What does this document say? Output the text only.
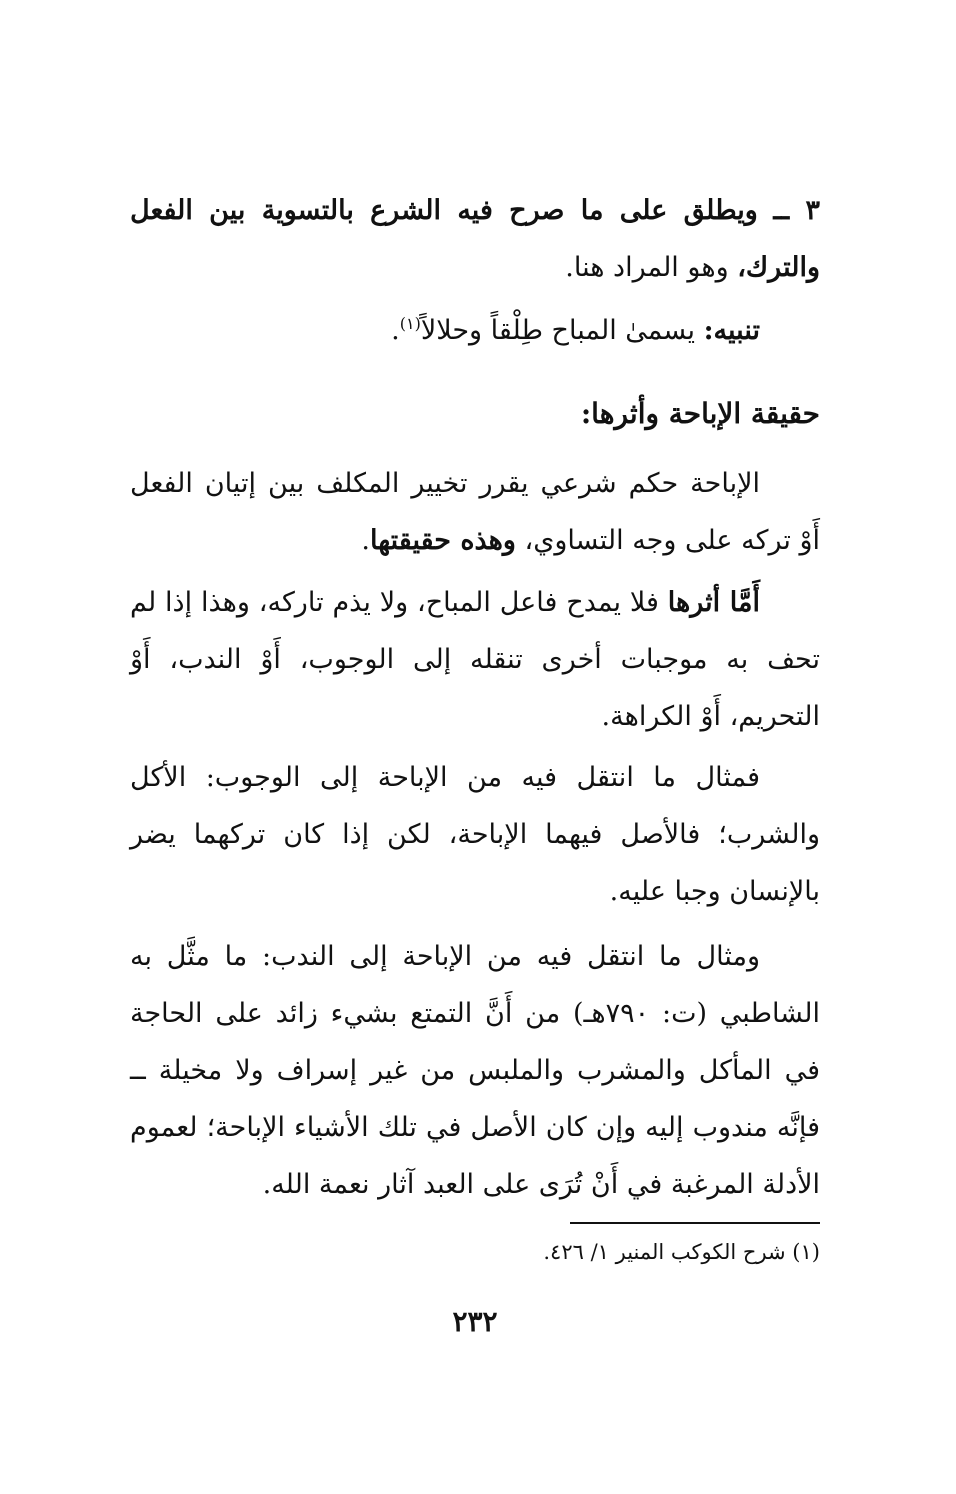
٣ ــ ويطلق على ما صرح فيه الشرع بالتسوية بين الفعل والترك، وهو المراد هنا.
تنبيه: يسمىٰ المباح طِلْقاً وحلالاً$^{(١)}$.
حقيقة الإباحة وأثرها:
الإباحة حكم شرعي يقرر تخيير المكلف بين إتيان الفعل أَوْ تركه على وجه التساوي، وهذه حقيقتها.
أَمَّا أثرها فلا يمدح فاعل المباح، ولا يذم تاركه، وهذا إذا لم تحف به موجبات أخرى تنقله إلى الوجوب، أَوْ الندب، أَوْ التحريم، أَوْ الكراهة.
فمثال ما انتقل فيه من الإباحة إلى الوجوب: الأكل والشرب؛ فالأصل فيهما الإباحة، لكن إذا كان تركهما يضر بالإنسان وجبا عليه.
ومثال ما انتقل فيه من الإباحة إلى الندب: ما مثَّل به الشاطبي (ت: ٧٩٠هـ) من أَنَّ التمتع بشيء زائد على الحاجة في المأكل والمشرب والملبس من غير إسراف ولا مخيلة ــ فإنَّه مندوب إليه وإن كان الأصل في تلك الأشياء الإباحة؛ لعموم الأدلة المرغبة في أَنْ تُرَى على العبد آثار نعمة الله.
(١) شرح الكوكب المنير ١/ ٤٢٦.
٢٣٢
